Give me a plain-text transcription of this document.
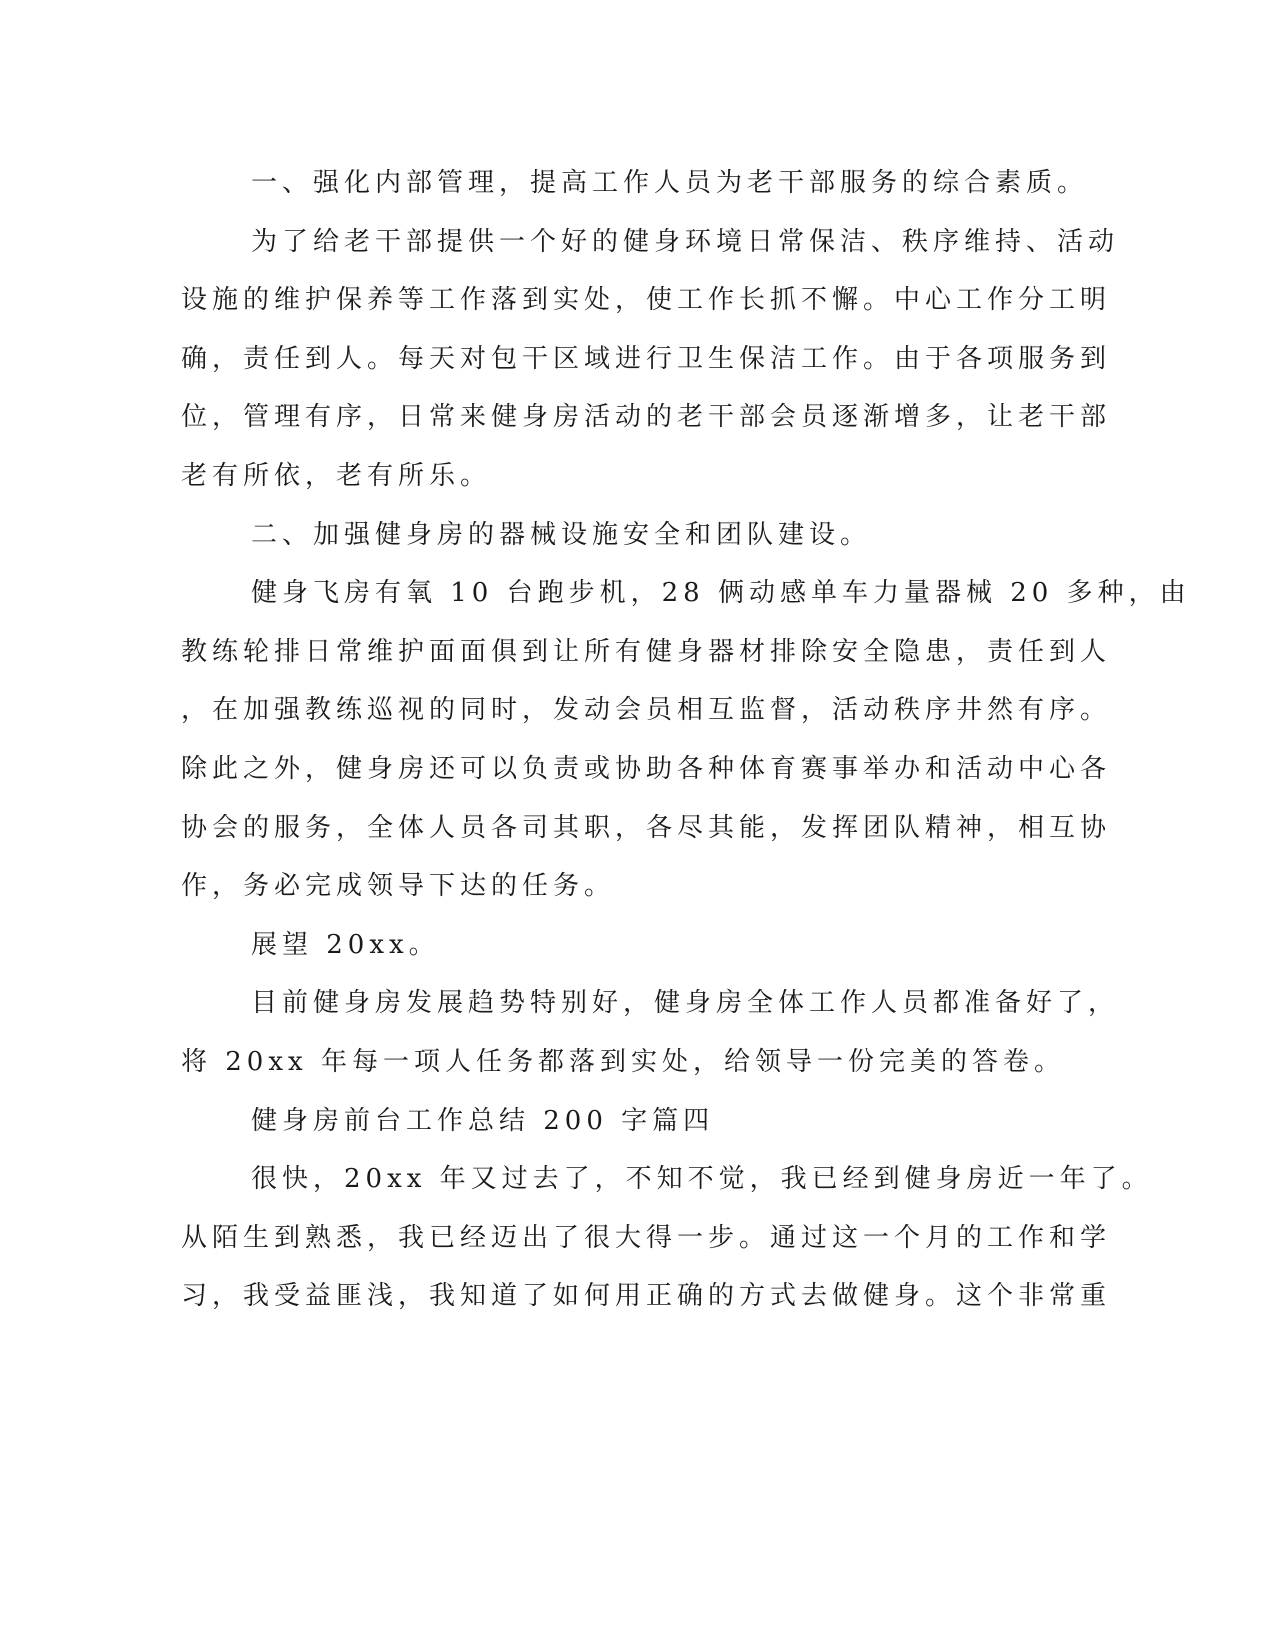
一、强化内部管理，提高工作人员为老干部服务的综合素质。
为了给老干部提供一个好的健身环境日常保洁、秩序维持、活动
设施的维护保养等工作落到实处，使工作长抓不懈。中心工作分工明
确，责任到人。每天对包干区域进行卫生保洁工作。由于各项服务到
位，管理有序，日常来健身房活动的老干部会员逐渐增多，让老干部
老有所依，老有所乐。
二、加强健身房的器械设施安全和团队建设。
健身飞房有氧 10 台跑步机，28 俩动感单车力量器械 20 多种，由
教练轮排日常维护面面俱到让所有健身器材排除安全隐患，责任到人
，在加强教练巡视的同时，发动会员相互监督，活动秩序井然有序。
除此之外，健身房还可以负责或协助各种体育赛事举办和活动中心各
协会的服务，全体人员各司其职，各尽其能，发挥团队精神，相互协
作，务必完成领导下达的任务。
展望 20xx。
目前健身房发展趋势特别好，健身房全体工作人员都准备好了，
将 20xx 年每一项人任务都落到实处，给领导一份完美的答卷。
健身房前台工作总结 200 字篇四
很快，20xx 年又过去了，不知不觉，我已经到健身房近一年了。
从陌生到熟悉，我已经迈出了很大得一步。通过这一个月的工作和学
习，我受益匪浅，我知道了如何用正确的方式去做健身。这个非常重
